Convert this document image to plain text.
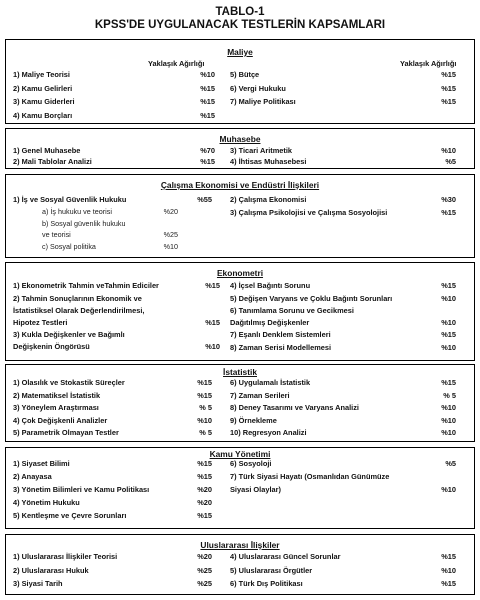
TABLO-1
KPSS'DE UYGULANACAK TESTLERİN KAPSAMLARI
Maliye
Yaklaşık Ağırlığı	Yaklaşık Ağırlığı
1) Maliye Teorisi	%10
2) Kamu Gelirleri	%15
3) Kamu Giderleri	%15
4) Kamu Borçları	%15
5) Bütçe	%15
6) Vergi Hukuku	%15
7) Maliye Politikası	%15
Muhasebe
1) Genel Muhasebe	%70
2) Mali Tablolar Analizi	%15
3) Ticari Aritmetik	%10
4) İhtisas Muhasebesi	%5
Çalışma Ekonomisi ve Endüstri İlişkileri
1) İş ve Sosyal Güvenlik Hukuku	%55
a) İş hukuku ve teorisi	%20
b) Sosyal güvenlik hukuku
ve teorisi	%25
c) Sosyal politika	%10
2) Çalışma Ekonomisi	%30
3) Çalışma Psikolojisi ve Çalışma Sosyolojisi	%15
Ekonometri
1) Ekonometrik Tahmin veTahmin Ediciler	%15
2) Tahmin Sonuçlarının Ekonomik ve
İstatistiksel Olarak Değerlendirilmesi,
Hipotez Testleri	%15
3) Kukla Değişkenler ve Bağımlı
Değişkenin Öngörüsü	%10
4) İçsel Bağıntı Sorunu	%15
5) Değişen Varyans ve Çoklu Bağıntı Sorunları	%10
6) Tanımlama Sorunu ve Gecikmesi
Dağıtılmış Değişkenler	%10
7) Eşanlı Denklem Sistemleri	%15
8) Zaman Serisi Modellemesi	%10
İstatistik
1) Olasılık ve Stokastik Süreçler	%15
2) Matematiksel İstatistik	%15
3) Yöneylem Araştırması	% 5
4) Çok Değişkenli Analizler	%10
5) Parametrik Olmayan Testler	% 5
6) Uygulamalı İstatistik	%15
7) Zaman Serileri	% 5
8) Deney Tasarımı ve Varyans Analizi	%10
9) Örnekleme	%10
10) Regresyon Analizi	%10
Kamu Yönetimi
1) Siyaset Bilimi	%15
2) Anayasa	%15
3) Yönetim Bilimleri ve Kamu Politikası	%20
4) Yönetim Hukuku	%20
5) Kentleşme ve Çevre Sorunları	%15
6) Sosyoloji	%5
7) Türk Siyasi Hayatı (Osmanlıdan Günümüze
Siyasi Olaylar)	%10
Uluslararası İlişkiler
1) Uluslararası İlişkiler Teorisi	%20
2) Uluslararası Hukuk	%25
3) Siyasi Tarih	%25
4) Uluslararası Güncel Sorunlar	%15
5) Uluslararası Örgütler	%10
6) Türk Dış Politikası	%15
